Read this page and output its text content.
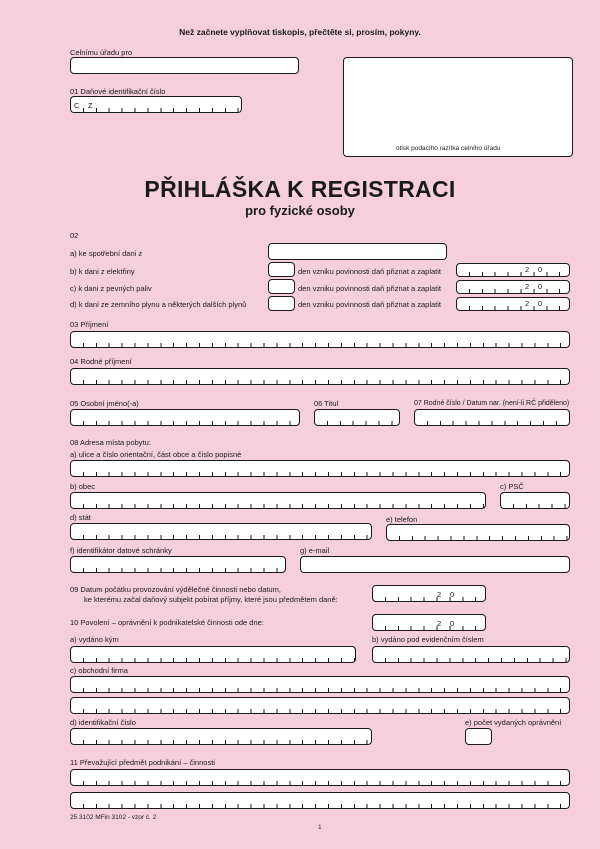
Než začnete vyplňovat tiskopis, přečtěte si, prosím, pokyny.
Celnímu úřadu pro
otisk podacího razítka celního úřadu
01 Daňové identifikační číslo
C Z
PŘIHLÁŠKA K REGISTRACI
pro fyzické osoby
02
a) ke spotřební dani z
b) k dani z elektřiny	den vzniku povinnosti daň přiznat a zaplatit	2 0
c) k dani z pevných paliv	den vzniku povinnosti daň přiznat a zaplatit	2 0
d) k dani ze zemního plynu a některých dalších plynů	den vzniku povinnosti daň přiznat a zaplatit	2 0
03 Příjmení
04 Rodné příjmení
05 Osobní jméno(-a)	06 Titul	07 Rodné číslo / Datum nar. (není-li RČ přiděleno)
08 Adresa místa pobytu:
a) ulice a číslo orientační, část obce a číslo popisné
b) obec	c) PSČ
d) stát	e) telefon
f) identifikátor datové schránky	g) e-mail
09 Datum počátku provozování výdělečné činnosti nebo datum,
ke kterému začal daňový subjekt pobírat příjmy, které jsou předmětem daně:
2 0
10 Povolení – oprávnění k podnikatelské činnosti ode dne:	2 0
a) vydáno kým	b) vydáno pod evidenčním číslem
c) obchodní firma
d) identifikační číslo	e) počet vydaných oprávnění
11 Převažující předmět podnikání – činnosti
25 3102 MFin 3102 - vzor č. 2
1
